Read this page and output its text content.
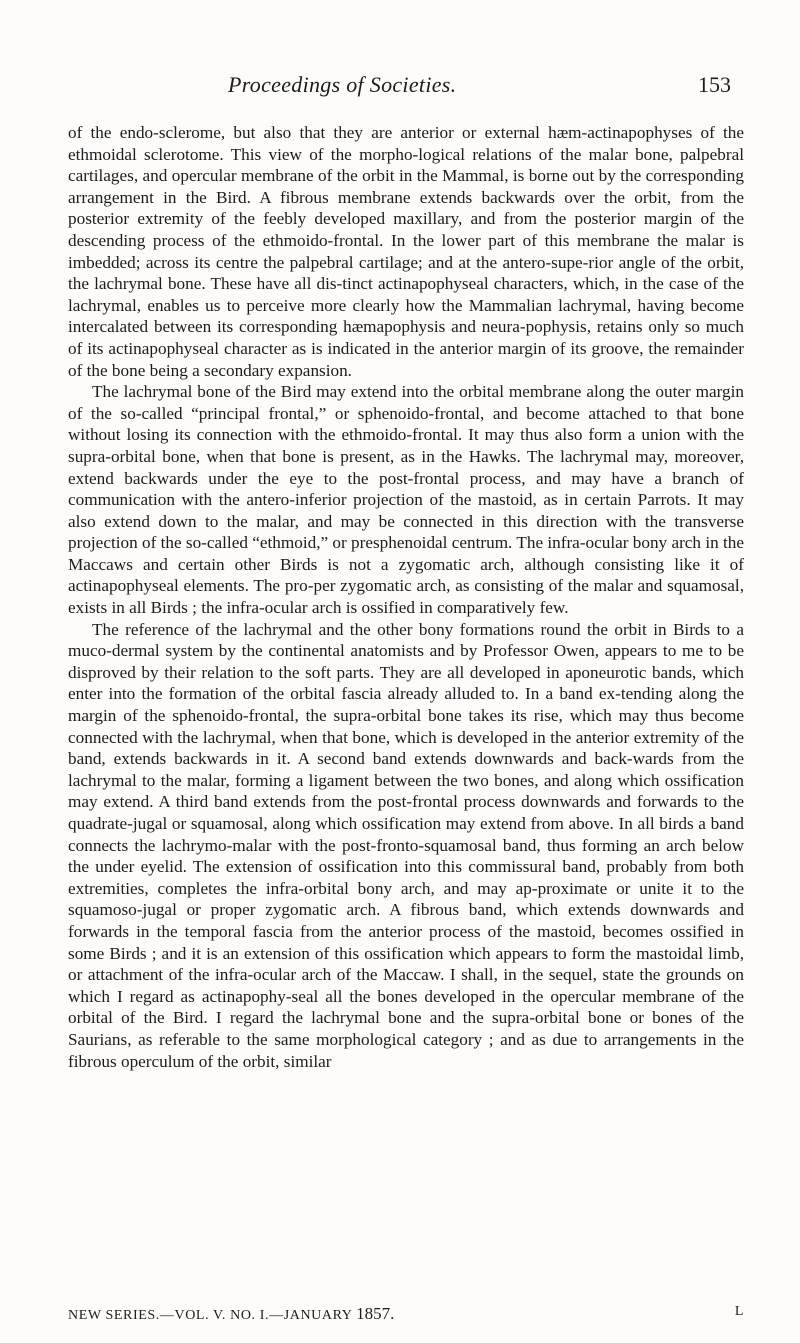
Proceedings of Societies.	153

of the endo-sclerome, but also that they are anterior or external hæm-actinapophyses of the ethmoidal sclerotome. This view of the morpho-logical relations of the malar bone, palpebral cartilages, and opercular membrane of the orbit in the Mammal, is borne out by the corresponding arrangement in the Bird. A fibrous membrane extends backwards over the orbit, from the posterior extremity of the feebly developed maxillary, and from the posterior margin of the descending process of the ethmoido-frontal. In the lower part of this membrane the malar is imbedded; across its centre the palpebral cartilage; and at the antero-supe-rior angle of the orbit, the lachrymal bone. These have all dis-tinct actinapophyseal characters, which, in the case of the lachrymal, enables us to perceive more clearly how the Mammalian lachrymal, having become intercalated between its corresponding hæmapophysis and neura-pophysis, retains only so much of its actinapophyseal character as is indicated in the anterior margin of its groove, the remainder of the bone being a secondary expansion.

The lachrymal bone of the Bird may extend into the orbital membrane along the outer margin of the so-called “principal frontal,” or sphenoido-frontal, and become attached to that bone without losing its connection with the ethmoido-frontal. It may thus also form a union with the supra-orbital bone, when that bone is present, as in the Hawks. The lachrymal may, moreover, extend backwards under the eye to the post-frontal process, and may have a branch of communication with the antero-inferior projection of the mastoid, as in certain Parrots. It may also extend down to the malar, and may be connected in this direction with the transverse projection of the so-called “ethmoid,” or presphenoidal centrum. The infra-ocular bony arch in the Maccaws and certain other Birds is not a zygomatic arch, although consisting like it of actinapophyseal elements. The pro-per zygomatic arch, as consisting of the malar and squamosal, exists in all Birds ; the infra-ocular arch is ossified in comparatively few.

The reference of the lachrymal and the other bony formations round the orbit in Birds to a muco-dermal system by the continental anatomists and by Professor Owen, appears to me to be disproved by their relation to the soft parts. They are all developed in aponeurotic bands, which enter into the formation of the orbital fascia already alluded to. In a band ex-tending along the margin of the sphenoido-frontal, the supra-orbital bone takes its rise, which may thus become connected with the lachrymal, when that bone, which is developed in the anterior extremity of the band, extends backwards in it. A second band extends downwards and back-wards from the lachrymal to the malar, forming a ligament between the two bones, and along which ossification may extend. A third band extends from the post-frontal process downwards and forwards to the quadrate-jugal or squamosal, along which ossification may extend from above. In all birds a band connects the lachrymo-malar with the post-fronto-squamosal band, thus forming an arch below the under eyelid. The extension of ossification into this commissural band, probably from both extremities, completes the infra-orbital bony arch, and may ap-proximate or unite it to the squamoso-jugal or proper zygomatic arch. A fibrous band, which extends downwards and forwards in the temporal fascia from the anterior process of the mastoid, becomes ossified in some Birds ; and it is an extension of this ossification which appears to form the mastoidal limb, or attachment of the infra-ocular arch of the Maccaw. I shall, in the sequel, state the grounds on which I regard as actinapophy-seal all the bones developed in the opercular membrane of the orbital of the Bird. I regard the lachrymal bone and the supra-orbital bone or bones of the Saurians, as referable to the same morphological category ; and as due to arrangements in the fibrous operculum of the orbit, similar

NEW SERIES.—VOL. V. NO. I.—JANUARY 1857.	L
